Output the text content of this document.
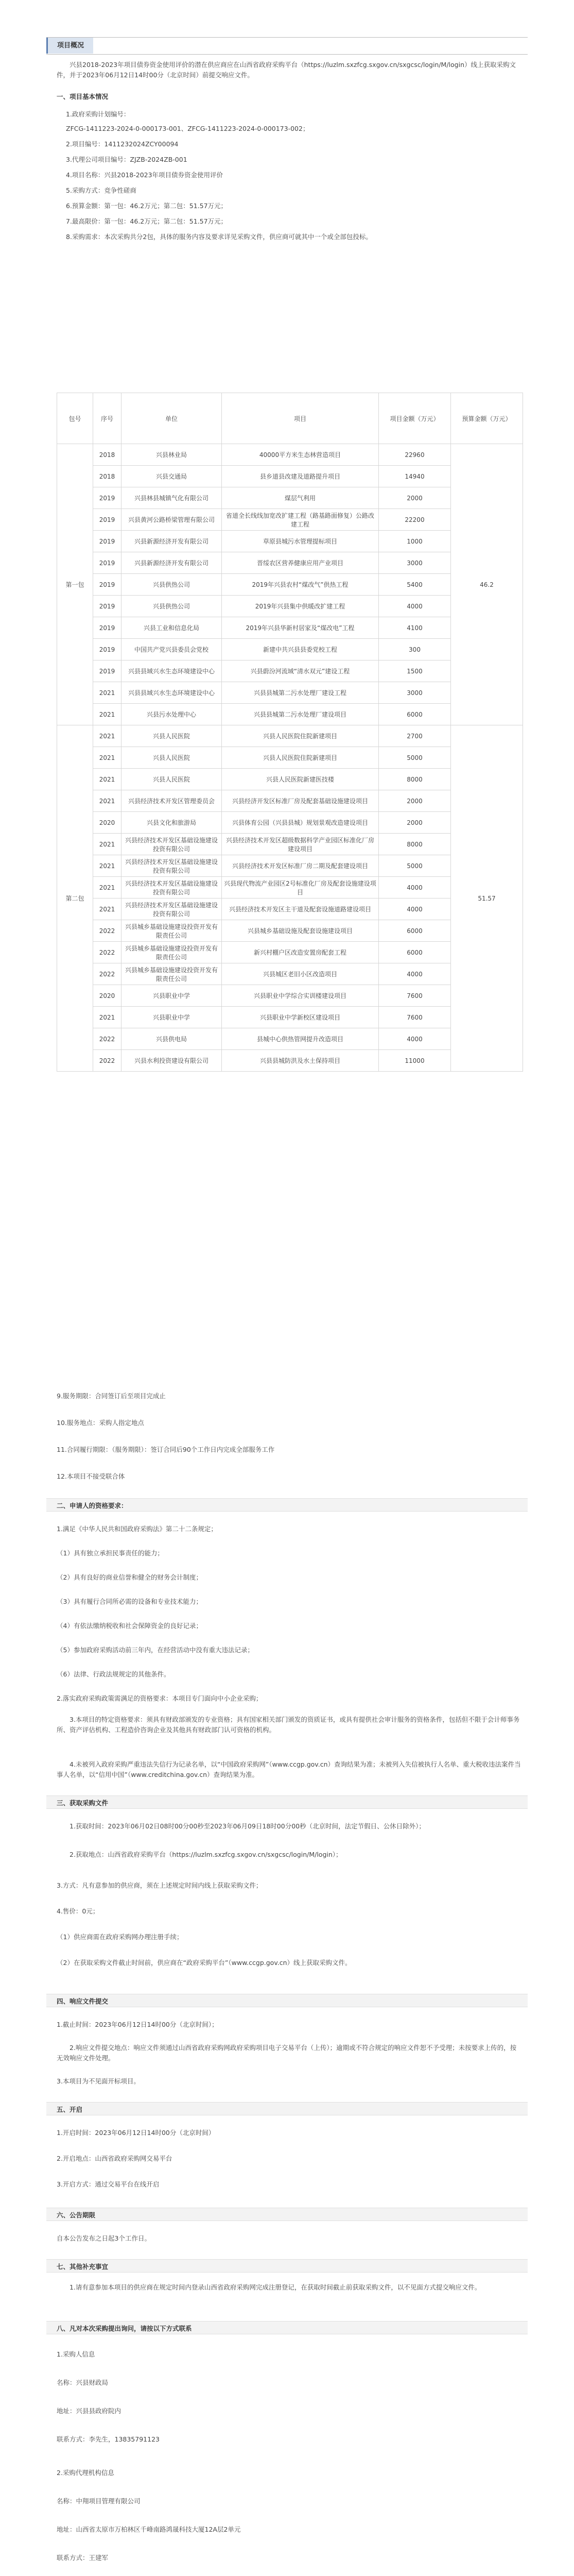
项目概况
兴县2018-2023年项目债券资金使用评价的潜在供应商应在山西省政府采购平台（https://luzlm.sxzfcg.sxgov.cn/sxgcsc/login/M/login）线上获取采购文件，并于2023年06月12日14时00分（北京时间）前提交响应文件。
一、项目基本情况
1.政府采购计划编号：
ZFCG-1411223-2024-0-000173-001、ZFCG-1411223-2024-0-000173-002；
2.项目编号：1411232024ZCY00094
3.代理公司项目编号：ZJZB-2024ZB-001
4.项目名称：兴县2018-2023年项目债券资金使用评价
5.采购方式：竞争性磋商
6.预算金额：第一包：46.2万元；第二包：51.57万元；
7.最高限价：第一包：46.2万元；第二包：51.57万元；
8.采购需求：本次采购共分2包，具体的服务内容及要求详见采购文件，供应商可就其中一个或全部包投标。
包号	序号	单位	项目	项目金额（万元）	预算金额（万元）
第一包	2018	兴县林业局	40000平方米生态林营造项目	22960	46.2
	2018	兴县交通局	县乡道县改建及道路提升项目	14940	
	2019	兴县林县城镇气化有限公司	煤层气利用	2000	
	2019	兴县黄河公路桥梁管理有限公司	省道全长线线加宽改扩建工程（路基路面修复）公路改建工程	22200	
	2019	兴县新源经济开发有限公司	草原县城污水管理提标项目	1000	
	2019	兴县新源经济开发有限公司	晋绥农区营养健康应用产业项目	3000	
	2019	兴县供热公司	2019年兴县农村“煤改气”供热工程	5400	
	2019	兴县供热公司	2019年兴县集中供暖改扩建工程	4000	
	2019	兴县工业和信息化局	2019年兴县华新村居家及“煤改电”工程	4100	
	2019	中国共产党兴县委员会党校	新建中共兴县县委党校工程	300	
	2019	兴县县域兴水生态环境建设中心	兴县蔚汾河流域“清水双元”建设工程	1500	
	2021	兴县县域兴水生态环境建设中心	兴县县城第二污水处理厂建设工程	3000	
	2021	兴县污水处理中心	兴县县城第二污水处理厂建设项目	6000	
第二包	2021	兴县人民医院	兴县人民医院住院新建项目	2700	51.57
	2021	兴县人民医院	兴县人民医院住院新建项目	5000	
	2021	兴县人民医院	兴县人民医院新建医技楼	8000	
	2021	兴县经济技术开发区管理委员会	兴县经济开发区标准厂房及配套基础设施建设项目	2000	
	2020	兴县文化和旅游局	兴县体育公园（兴县县城）规划景观改造建设项目	2000	
	2021	兴县经济技术开发区基础设施建设投资有限公司	兴县经济技术开发区超级数据科学产业园区标准化厂房建设项目	8000	
	2021	兴县经济技术开发区基础设施建设投资有限公司	兴县经济技术开发区标准厂房二期及配套建设项目	5000	
	2021	兴县经济技术开发区基础设施建设投资有限公司	兴县现代物流产业园区2号标准化厂房及配套设施建设项目	4000	
	2021	兴县经济技术开发区基础设施建设投资有限公司	兴县经济技术开发区主干道及配套设施道路建设项目	4000	
	2022	兴县城乡基础设施建设投资开发有限责任公司	兴县城乡基础设施及配套设施建设项目	6000	
	2022	兴县城乡基础设施建设投资开发有限责任公司	新兴村棚户区改造安置房配套工程	6000	
	2022	兴县城乡基础设施建设投资开发有限责任公司	兴县城区老旧小区改造项目	4000	
	2020	兴县职业中学	兴县职业中学综合实训楼建设项目	7600	
	2021	兴县职业中学	兴县职业中学新校区建设项目	7600	
	2022	兴县供电局	县城中心供热管网提升改造项目	4000	
	2022	兴县水利投资建设有限公司	兴县县城防洪及水土保持项目	11000	
9.服务期限：合同签订后至项目完成止
10.服务地点：采购人指定地点
11.合同履行期限：（服务期限）：签订合同后90个工作日内完成全部服务工作
12.本项目不接受联合体
二、申请人的资格要求：
1.满足《中华人民共和国政府采购法》第二十二条规定；
（1）具有独立承担民事责任的能力；
（2）具有良好的商业信誉和健全的财务会计制度；
（3）具有履行合同所必需的设备和专业技术能力；
（4）有依法缴纳税收和社会保障资金的良好记录；
（5）参加政府采购活动前三年内，在经营活动中没有重大违法记录；
（6）法律、行政法规规定的其他条件。
2.落实政府采购政策需满足的资格要求：本项目专门面向中小企业采购；
3.本项目的特定资格要求：须具有财政部颁发的专业资格；具有国家相关部门颁发的资质证书，或具有提供社会审计服务的资格条件，包括但不限于会计师事务所、资产评估机构、工程造价咨询企业及其他具有财政部门认可资格的机构。
4.未被列入政府采购严重违法失信行为记录名单，以“中国政府采购网”（www.ccgp.gov.cn）查询结果为准；未被列入失信被执行人名单、重大税收违法案件当事人名单，以“信用中国”（www.creditchina.gov.cn）查询结果为准。
三、获取采购文件
1.获取时间：2023年06月02日08时00分00秒至2023年06月09日18时00分00秒（北京时间，法定节假日、公休日除外）；
2.获取地点：山西省政府采购平台（https://luzlm.sxzfcg.sxgov.cn/sxgcsc/login/M/login）；
3.方式：凡有意参加的供应商，须在上述规定时间内线上获取采购文件；
4.售价：0元；
（1）供应商需在政府采购网办理注册手续；
（2）在获取采购文件截止时间前，供应商在“政府采购平台”（www.ccgp.gov.cn）线上获取采购文件。
四、响应文件提交
1.截止时间：2023年06月12日14时00分（北京时间）；
2.响应文件提交地点：响应文件须通过山西省政府采购网政府采购项目电子交易平台（上传）；逾期或不符合规定的响应文件恕不予受理；未按要求上传的，按无效响应文件处理。
3.本项目为不见面开标项目。
五、开启
1.开启时间：2023年06月12日14时00分（北京时间）
2.开启地点：山西省政府采购网交易平台
3.开启方式：通过交易平台在线开启
六、公告期限
自本公告发布之日起3个工作日。
七、其他补充事宜
1.请有意参加本项目的供应商在规定时间内登录山西省政府采购网完成注册登记，在获取时间截止前获取采购文件，以不见面方式提交响应文件。
八、凡对本次采购提出询问，请按以下方式联系
1.采购人信息
名称：兴县财政局
地址：兴县县政府院内
联系方式：李先生，13835791123
2.采购代理机构信息
名称：中翔项目管理有限公司
地址：山西省太原市万柏林区千峰南路鸿晟科技大厦12A层2单元
联系方式：王建军
